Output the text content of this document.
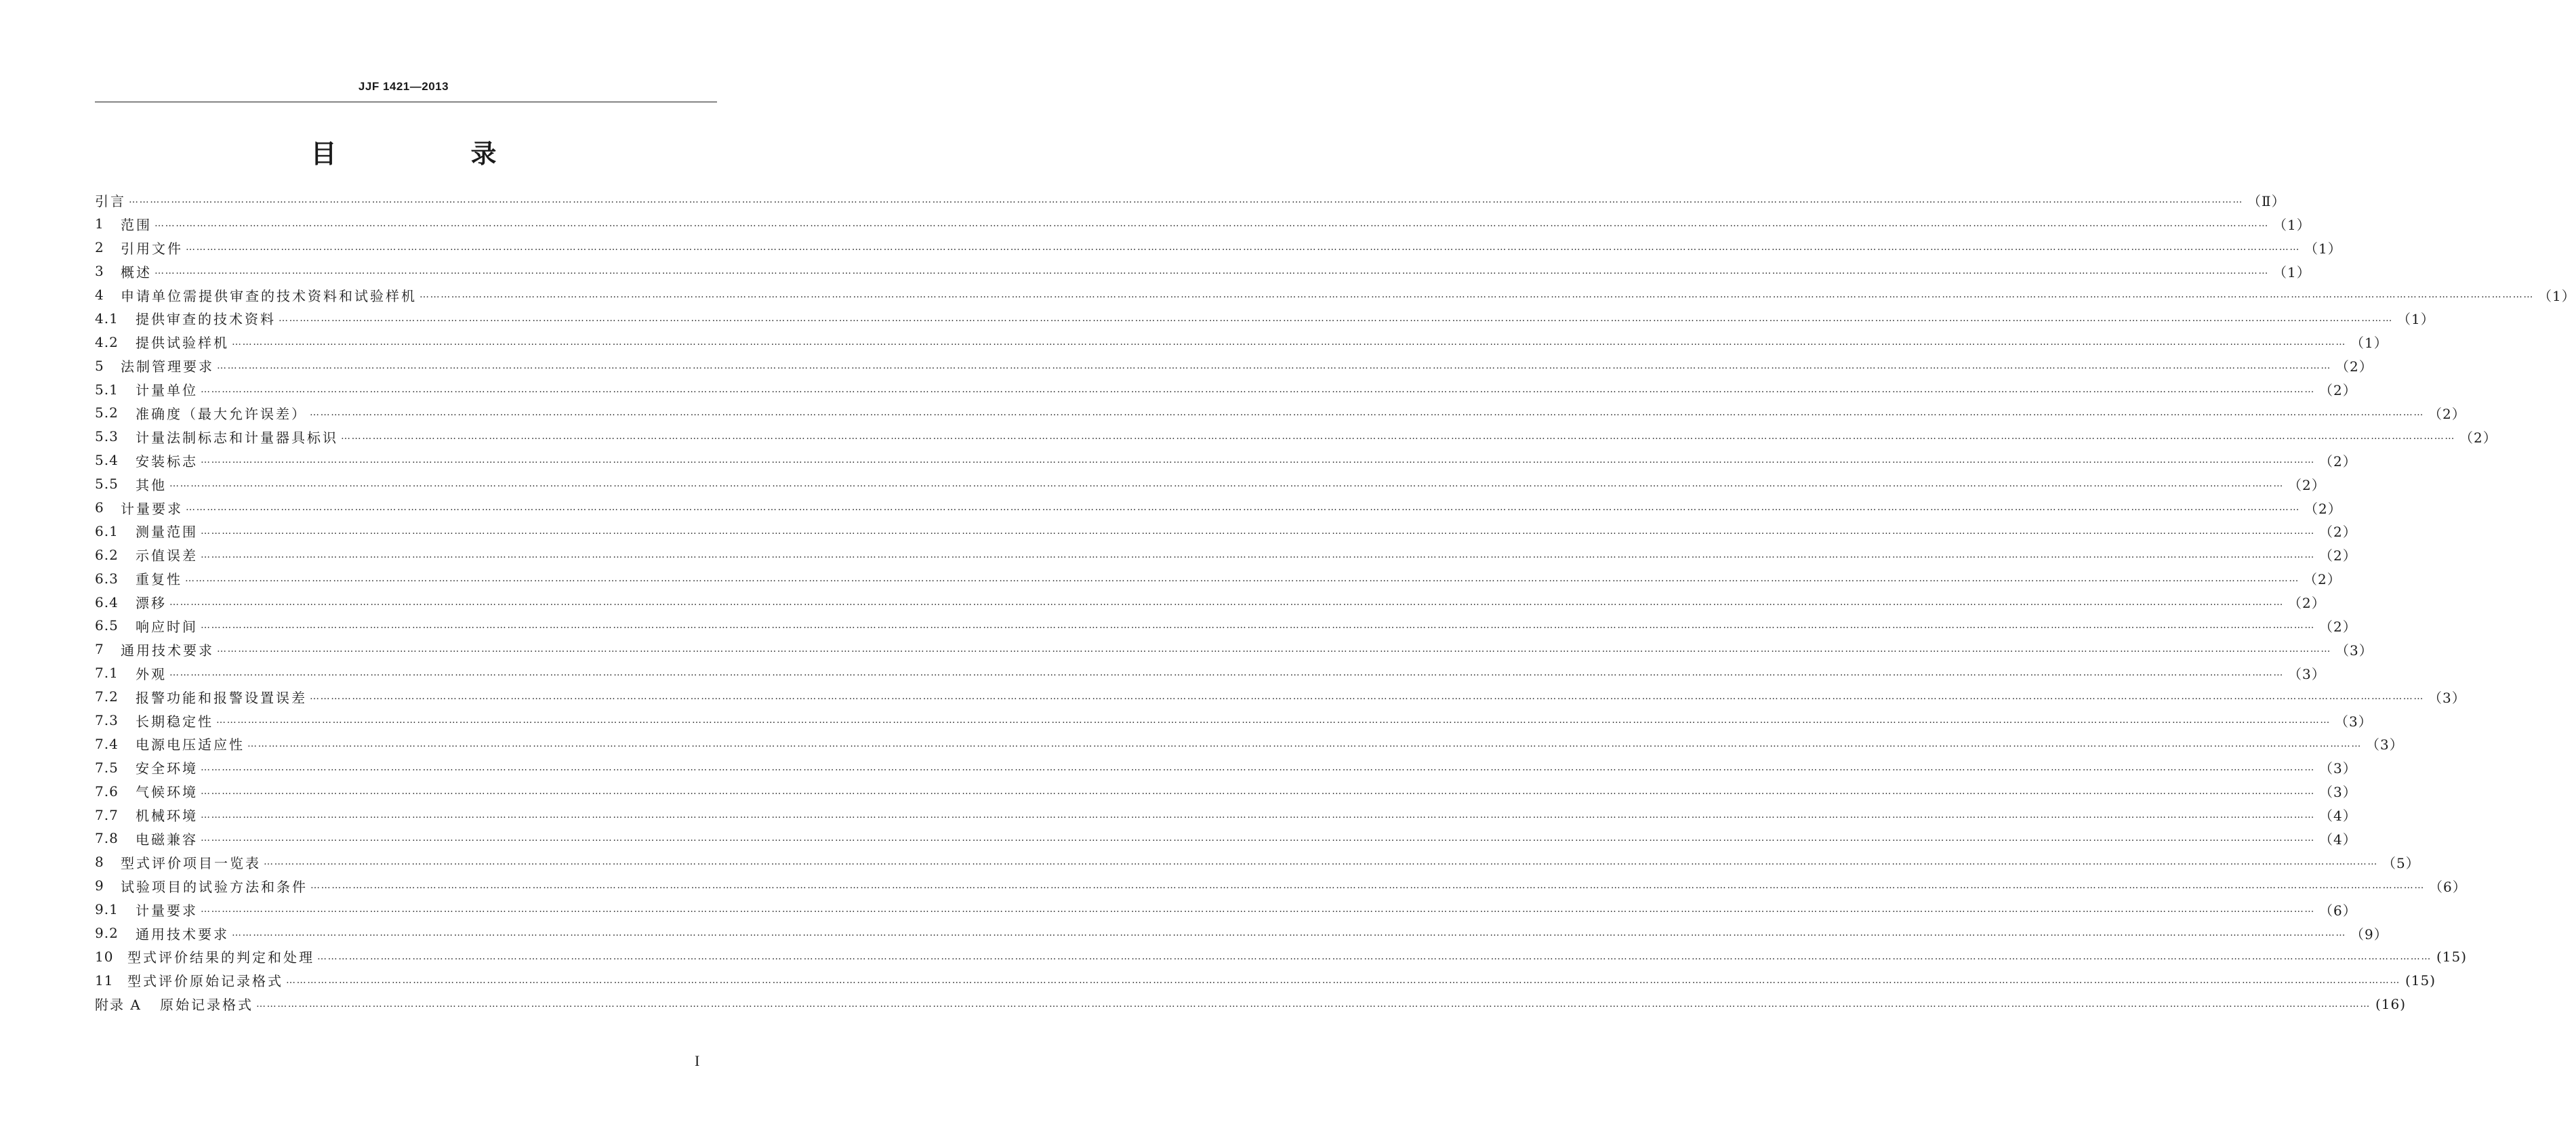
JJF 1421—2013
目　录
引言 …………………………………………………………………………………………………………………………………………………………………………………………………………………………………………………………………………………………………………………………………………………………………………………………………………………………………………………………………………………………………………………………………………………… （Ⅱ）
1	范围 …………………………………………………………………………………………………………………………………………………………………………………………………………………………………………………………………………………………………………………………………………………………………………………………………………………………………………………………………………………………………………………………………………………… （1）
2	引用文件 …………………………………………………………………………………………………………………………………………………………………………………………………………………………………………………………………………………………………………………………………………………………………………………………………………………………………………………………………………………………………………………………………………………… （1）
3	概述 …………………………………………………………………………………………………………………………………………………………………………………………………………………………………………………………………………………………………………………………………………………………………………………………………………………………………………………………………………………………………………………………………………………… （1）
4	申请单位需提供审查的技术资料和试验样机 …………………………………………………………………………………………………………………………………………………………………………………………………………………………………………………………………………………………………………………………………………………………………………………………………………………………………………………………………………………………………………………………………………………… （1）
4.1	提供审查的技术资料 …………………………………………………………………………………………………………………………………………………………………………………………………………………………………………………………………………………………………………………………………………………………………………………………………………………………………………………………………………………………………………………………………………………… （1）
4.2	提供试验样机 …………………………………………………………………………………………………………………………………………………………………………………………………………………………………………………………………………………………………………………………………………………………………………………………………………………………………………………………………………………………………………………………………………………… （1）
5	法制管理要求 …………………………………………………………………………………………………………………………………………………………………………………………………………………………………………………………………………………………………………………………………………………………………………………………………………………………………………………………………………………………………………………………………………………… （2）
5.1	计量单位 …………………………………………………………………………………………………………………………………………………………………………………………………………………………………………………………………………………………………………………………………………………………………………………………………………………………………………………………………………………………………………………………………………………… （2）
5.2	准确度（最大允许误差） …………………………………………………………………………………………………………………………………………………………………………………………………………………………………………………………………………………………………………………………………………………………………………………………………………………………………………………………………………………………………………………………………………………… （2）
5.3	计量法制标志和计量器具标识 …………………………………………………………………………………………………………………………………………………………………………………………………………………………………………………………………………………………………………………………………………………………………………………………………………………………………………………………………………………………………………………………………………………… （2）
5.4	安装标志 …………………………………………………………………………………………………………………………………………………………………………………………………………………………………………………………………………………………………………………………………………………………………………………………………………………………………………………………………………………………………………………………………………………… （2）
5.5	其他 …………………………………………………………………………………………………………………………………………………………………………………………………………………………………………………………………………………………………………………………………………………………………………………………………………………………………………………………………………………………………………………………………………………… （2）
6	计量要求 …………………………………………………………………………………………………………………………………………………………………………………………………………………………………………………………………………………………………………………………………………………………………………………………………………………………………………………………………………………………………………………………………………………… （2）
6.1	测量范围 …………………………………………………………………………………………………………………………………………………………………………………………………………………………………………………………………………………………………………………………………………………………………………………………………………………………………………………………………………………………………………………………………………………… （2）
6.2	示值误差 …………………………………………………………………………………………………………………………………………………………………………………………………………………………………………………………………………………………………………………………………………………………………………………………………………………………………………………………………………………………………………………………………………………… （2）
6.3	重复性 …………………………………………………………………………………………………………………………………………………………………………………………………………………………………………………………………………………………………………………………………………………………………………………………………………………………………………………………………………………………………………………………………………………… （2）
6.4	漂移 …………………………………………………………………………………………………………………………………………………………………………………………………………………………………………………………………………………………………………………………………………………………………………………………………………………………………………………………………………………………………………………………………………………… （2）
6.5	响应时间 …………………………………………………………………………………………………………………………………………………………………………………………………………………………………………………………………………………………………………………………………………………………………………………………………………………………………………………………………………………………………………………………………………………… （2）
7	通用技术要求 …………………………………………………………………………………………………………………………………………………………………………………………………………………………………………………………………………………………………………………………………………………………………………………………………………………………………………………………………………………………………………………………………………………… （3）
7.1	外观 …………………………………………………………………………………………………………………………………………………………………………………………………………………………………………………………………………………………………………………………………………………………………………………………………………………………………………………………………………………………………………………………………………………… （3）
7.2	报警功能和报警设置误差 …………………………………………………………………………………………………………………………………………………………………………………………………………………………………………………………………………………………………………………………………………………………………………………………………………………………………………………………………………………………………………………………………………………… （3）
7.3	长期稳定性 …………………………………………………………………………………………………………………………………………………………………………………………………………………………………………………………………………………………………………………………………………………………………………………………………………………………………………………………………………………………………………………………………………………… （3）
7.4	电源电压适应性 …………………………………………………………………………………………………………………………………………………………………………………………………………………………………………………………………………………………………………………………………………………………………………………………………………………………………………………………………………………………………………………………………………………… （3）
7.5	安全环境 …………………………………………………………………………………………………………………………………………………………………………………………………………………………………………………………………………………………………………………………………………………………………………………………………………………………………………………………………………………………………………………………………………………… （3）
7.6	气候环境 …………………………………………………………………………………………………………………………………………………………………………………………………………………………………………………………………………………………………………………………………………………………………………………………………………………………………………………………………………………………………………………………………………………… （3）
7.7	机械环境 …………………………………………………………………………………………………………………………………………………………………………………………………………………………………………………………………………………………………………………………………………………………………………………………………………………………………………………………………………………………………………………………………………………… （4）
7.8	电磁兼容 …………………………………………………………………………………………………………………………………………………………………………………………………………………………………………………………………………………………………………………………………………………………………………………………………………………………………………………………………………………………………………………………………………………… （4）
8	型式评价项目一览表 …………………………………………………………………………………………………………………………………………………………………………………………………………………………………………………………………………………………………………………………………………………………………………………………………………………………………………………………………………………………………………………………………………………… （5）
9	试验项目的试验方法和条件 …………………………………………………………………………………………………………………………………………………………………………………………………………………………………………………………………………………………………………………………………………………………………………………………………………………………………………………………………………………………………………………………………………………… （6）
9.1	计量要求 …………………………………………………………………………………………………………………………………………………………………………………………………………………………………………………………………………………………………………………………………………………………………………………………………………………………………………………………………………………………………………………………………………………… （6）
9.2	通用技术要求 …………………………………………………………………………………………………………………………………………………………………………………………………………………………………………………………………………………………………………………………………………………………………………………………………………………………………………………………………………………………………………………………………………………… （9）
10	型式评价结果的判定和处理 …………………………………………………………………………………………………………………………………………………………………………………………………………………………………………………………………………………………………………………………………………………………………………………………………………………………………………………………………………………………………………………………………………………… (15)
11	型式评价原始记录格式 …………………………………………………………………………………………………………………………………………………………………………………………………………………………………………………………………………………………………………………………………………………………………………………………………………………………………………………………………………………………………………………………………………………… (15)
附录 A	原始记录格式 …………………………………………………………………………………………………………………………………………………………………………………………………………………………………………………………………………………………………………………………………………………………………………………………………………………………………………………………………………………………………………………………………………………… (16)
I
